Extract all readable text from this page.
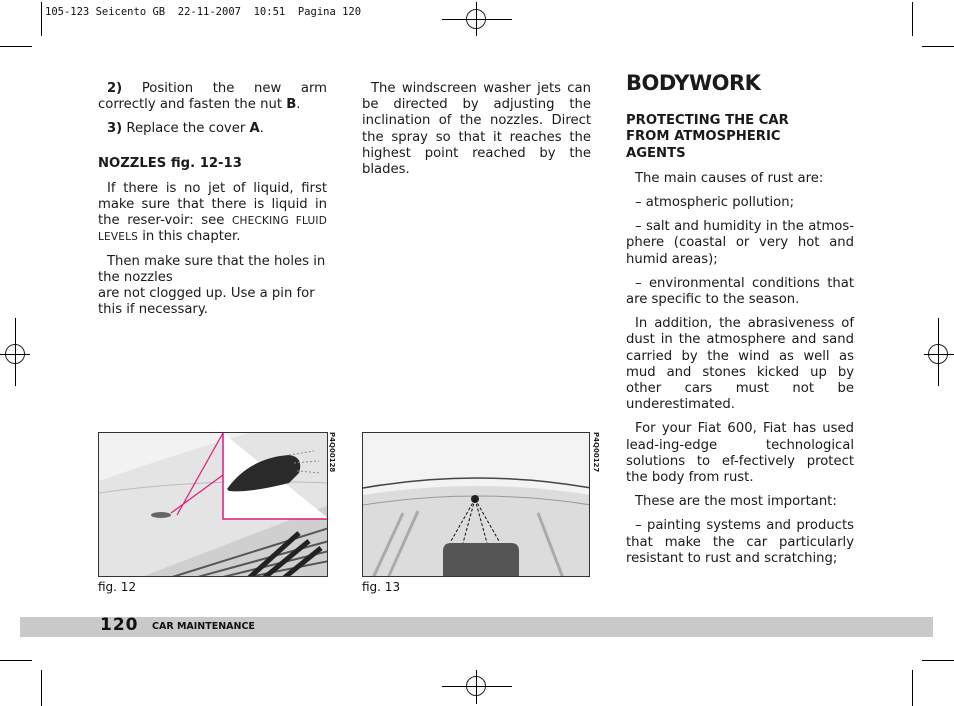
105-123 Seicento GB  22-11-2007  10:51  Pagina 120

2) Position the new arm correctly and fasten the nut B.

3) Replace the cover A.

NOZZLES fig. 12-13

If there is no jet of liquid, first make sure that there is liquid in the reser-voir: see CHECKING FLUID LEVELS in this chapter.

Then make sure that the holes in the nozzles
are not clogged up. Use a pin for this if necessary.

The windscreen washer jets can be directed by adjusting the inclination of the nozzles. Direct the spray so that it reaches the highest point reached by the blades.

BODYWORK
PROTECTING THE CAR FROM ATMOSPHERIC AGENTS

The main causes of rust are:

– atmospheric pollution;

– salt and humidity in the atmos-phere (coastal or very hot and humid areas);

– environmental conditions that are specific to the season.

In addition, the abrasiveness of dust in the atmosphere and sand carried by the wind as well as mud and stones kicked up by other cars must not be underestimated.

For your Fiat 600, Fiat has used lead-ing-edge technological solutions to ef-fectively protect the body from rust.

These are the most important:

– painting systems and products that make the car particularly resistant to rust and scratching;

P4Q00128
fig. 12
P4Q00127
fig. 13
120 CAR MAINTENANCE
